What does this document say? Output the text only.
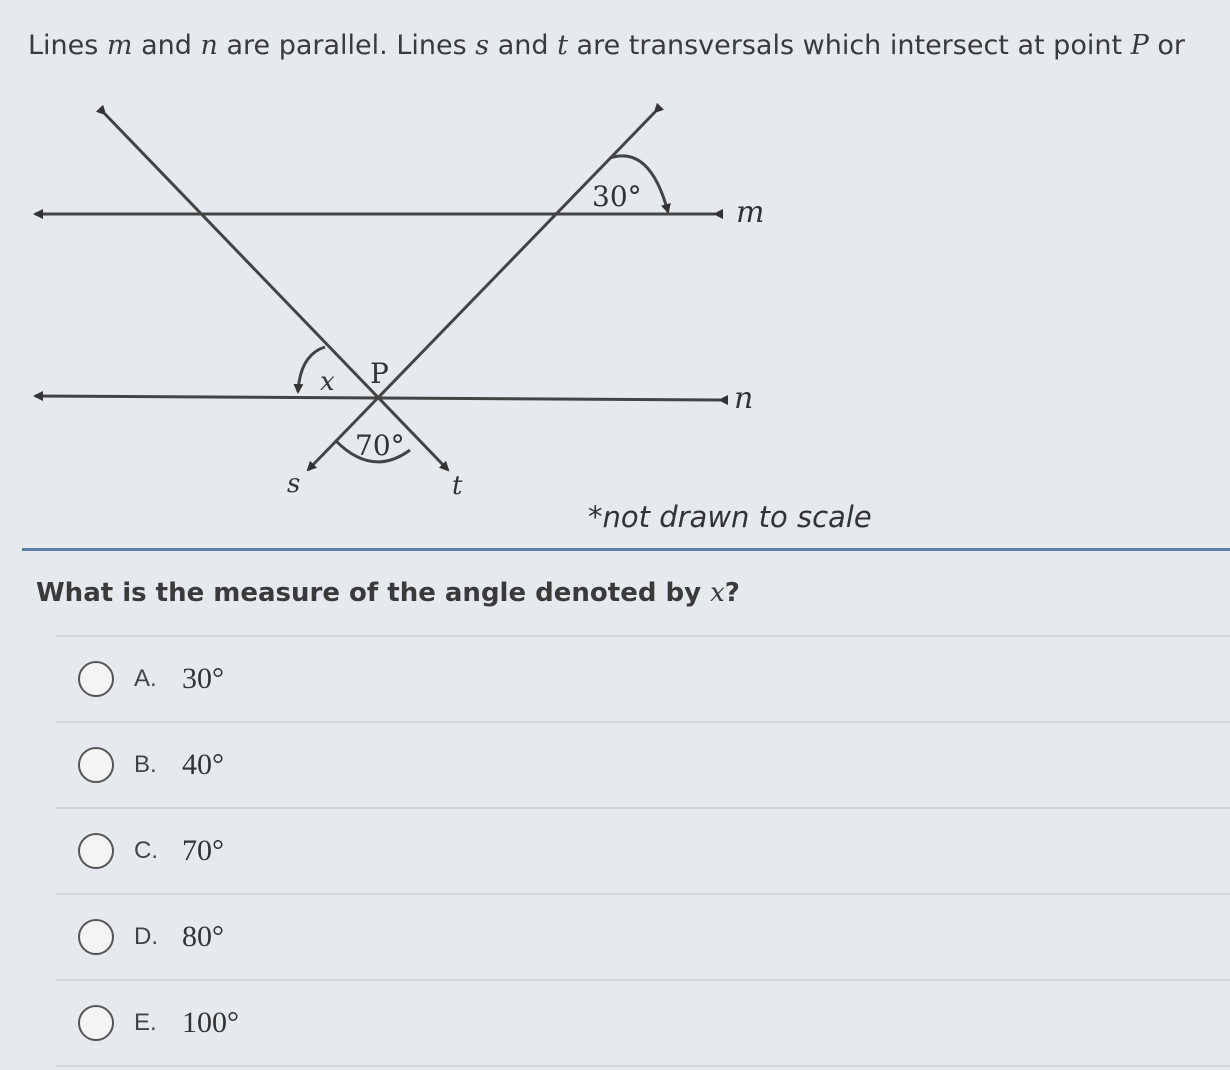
Lines m and n are parallel. Lines s and t are transversals which intersect at point P or
30°	m
x P
n
70°
s	t
*not drawn to scale
What is the measure of the angle denoted by x?
A. 30°
B. 40°
C. 70°
D. 80°
E. 100°
